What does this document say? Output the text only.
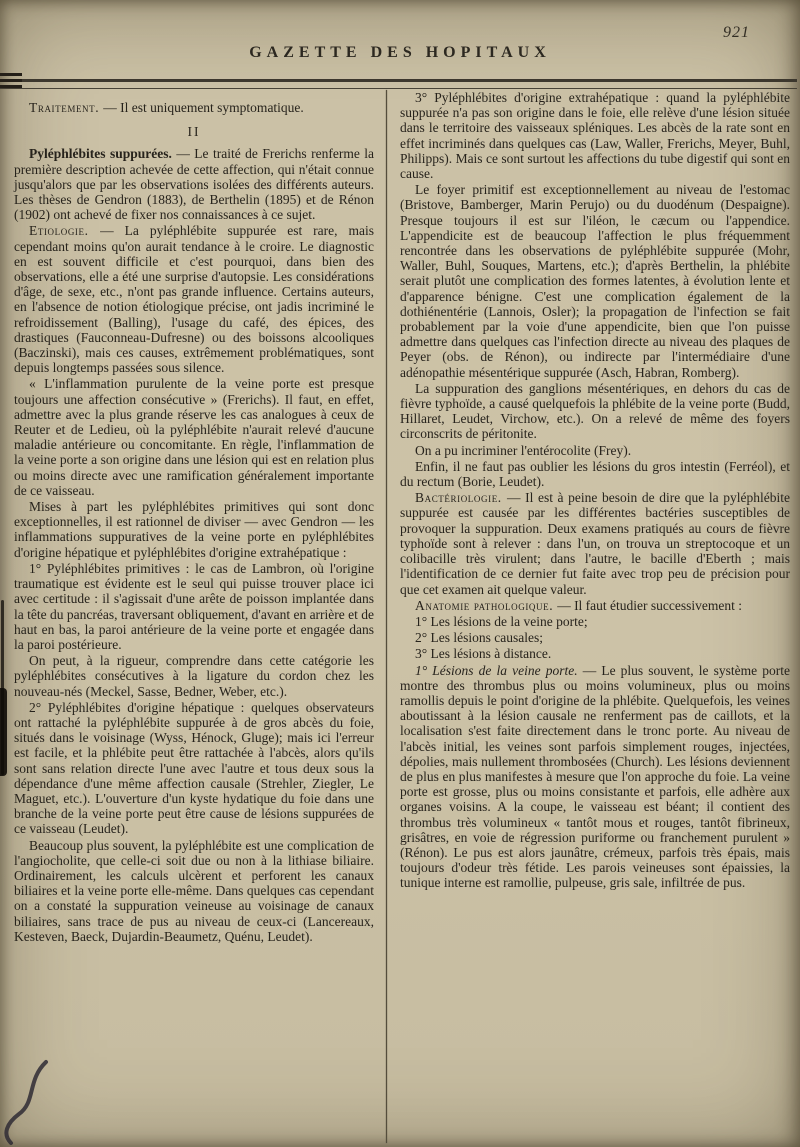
921
GAZETTE DES HOPITAUX

Traitement. — Il est uniquement symptomatique.

II

Pyléphlébites suppurées. — Le traité de Frerichs renferme la première description achevée de cette affection, qui n'était connue jusqu'alors que par les observations isolées des différents auteurs. Les thèses de Gendron (1883), de Berthelin (1895) et de Rénon (1902) ont achevé de fixer nos connaissances à ce sujet.

Etiologie. — La pyléphlébite suppurée est rare, mais cependant moins qu'on aurait tendance à le croire. Le diagnostic en est souvent difficile et c'est pourquoi, dans bien des observations, elle a été une surprise d'autopsie. Les considérations d'âge, de sexe, etc., n'ont pas grande influence. Certains auteurs, en l'absence de notion étiologique précise, ont jadis incriminé le refroidissement (Balling), l'usage du café, des épices, des drastiques (Fauconneau-Dufresne) ou des boissons alcooliques (Baczinski), mais ces causes, extrêmement problématiques, sont depuis longtemps passées sous silence.

« L'inflammation purulente de la veine porte est presque toujours une affection consécutive » (Frerichs). Il faut, en effet, admettre avec la plus grande réserve les cas analogues à ceux de Reuter et de Ledieu, où la pyléphlébite n'aurait relevé d'aucune maladie antérieure ou concomitante. En règle, l'inflammation de la veine porte a son origine dans une lésion qui est en relation plus ou moins directe avec une ramification généralement importante de ce vaisseau.

Mises à part les pyléphlébites primitives qui sont donc exceptionnelles, il est rationnel de diviser — avec Gendron — les inflammations suppuratives de la veine porte en pyléphlébites d'origine hépatique et pyléphlébites d'origine extrahépatique :

1° Pyléphlébites primitives : le cas de Lambron, où l'origine traumatique est évidente est le seul qui puisse trouver place ici avec certitude : il s'agissait d'une arête de poisson implantée dans la tête du pancréas, traversant obliquement, d'avant en arrière et de haut en bas, la paroi antérieure de la veine porte et engagée dans la paroi postérieure.

On peut, à la rigueur, comprendre dans cette catégorie les pyléphlébites consécutives à la ligature du cordon chez les nouveau-nés (Meckel, Sasse, Bedner, Weber, etc.).

2° Pyléphlébites d'origine hépatique : quelques observateurs ont rattaché la pyléphlébite suppurée à de gros abcès du foie, situés dans le voisinage (Wyss, Hénock, Gluge); mais ici l'erreur est facile, et la phlébite peut être rattachée à l'abcès, alors qu'ils sont sans relation directe l'une avec l'autre et tous deux sous la dépendance d'une même affection causale (Strehler, Ziegler, Le Maguet, etc.). L'ouverture d'un kyste hydatique du foie dans une branche de la veine porte peut être cause de lésions suppurées de ce vaisseau (Leudet).

Beaucoup plus souvent, la pyléphlébite est une complication de l'angiocholite, que celle-ci soit due ou non à la lithiase biliaire. Ordinairement, les calculs ulcèrent et perforent les canaux biliaires et la veine porte elle-même. Dans quelques cas cependant on a constaté la suppuration veineuse au voisinage de canaux biliaires, sans trace de pus au niveau de ceux-ci (Lancereaux, Kesteven, Baeck, Dujardin-Beaumetz, Quénu, Leudet).

3° Pyléphlébites d'origine extrahépatique : quand la pyléphlébite suppurée n'a pas son origine dans le foie, elle relève d'une lésion située dans le territoire des vaisseaux spléniques. Les abcès de la rate sont en effet incriminés dans quelques cas (Law, Waller, Frerichs, Meyer, Buhl, Philipps). Mais ce sont surtout les affections du tube digestif qui sont en cause.

Le foyer primitif est exceptionnellement au niveau de l'estomac (Bristove, Bamberger, Marin Perujo) ou du duodénum (Despaigne). Presque toujours il est sur l'iléon, le cæcum ou l'appendice. L'appendicite est de beaucoup l'affection le plus fréquemment rencontrée dans les observations de pyléphlébite suppurée (Mohr, Waller, Buhl, Souques, Martens, etc.); d'après Berthelin, la phlébite serait plutôt une complication des formes latentes, à évolution lente et d'apparence bénigne. C'est une complication également de la dothiénentérie (Lannois, Osler); la propagation de l'infection se fait probablement par la voie d'une appendicite, bien que l'on puisse admettre dans quelques cas l'infection directe au niveau des plaques de Peyer (obs. de Rénon), ou indirecte par l'intermédiaire d'une adénopathie mésentérique suppurée (Asch, Habran, Romberg).

La suppuration des ganglions mésentériques, en dehors du cas de fièvre typhoïde, a causé quelquefois la phlébite de la veine porte (Budd, Hillaret, Leudet, Virchow, etc.). On a relevé de même des foyers circonscrits de péritonite.

On a pu incriminer l'entérocolite (Frey).

Enfin, il ne faut pas oublier les lésions du gros intestin (Ferréol), et du rectum (Borie, Leudet).

Bactériologie. — Il est à peine besoin de dire que la pyléphlébite suppurée est causée par les différentes bactéries susceptibles de provoquer la suppuration. Deux examens pratiqués au cours de fièvre typhoïde sont à relever : dans l'un, on trouva un streptocoque et un colibacille très virulent; dans l'autre, le bacille d'Eberth ; mais l'identification de ce dernier fut faite avec trop peu de précision pour que cet examen ait quelque valeur.

Anatomie pathologique. — Il faut étudier successivement :

1° Les lésions de la veine porte;

2° Les lésions causales;

3° Les lésions à distance.

1° Lésions de la veine porte. — Le plus souvent, le système porte montre des thrombus plus ou moins volumineux, plus ou moins ramollis depuis le point d'origine de la phlébite. Quelquefois, les veines aboutissant à la lésion causale ne renferment pas de caillots, et la localisation s'est faite directement dans le tronc porte. Au niveau de l'abcès initial, les veines sont parfois simplement rouges, injectées, dépolies, mais nullement thrombosées (Church). Les lésions deviennent de plus en plus manifestes à mesure que l'on approche du foie. La veine porte est grosse, plus ou moins consistante et parfois, elle adhère aux organes voisins. A la coupe, le vaisseau est béant; il contient des thrombus très volumineux « tantôt mous et rouges, tantôt fibrineux, grisâtres, en voie de régression puriforme ou franchement purulent » (Rénon). Le pus est alors jaunâtre, crémeux, parfois très épais, mais toujours d'odeur très fétide. Les parois veineuses sont épaissies, la tunique interne est ramollie, pulpeuse, gris sale, infiltrée de pus.
